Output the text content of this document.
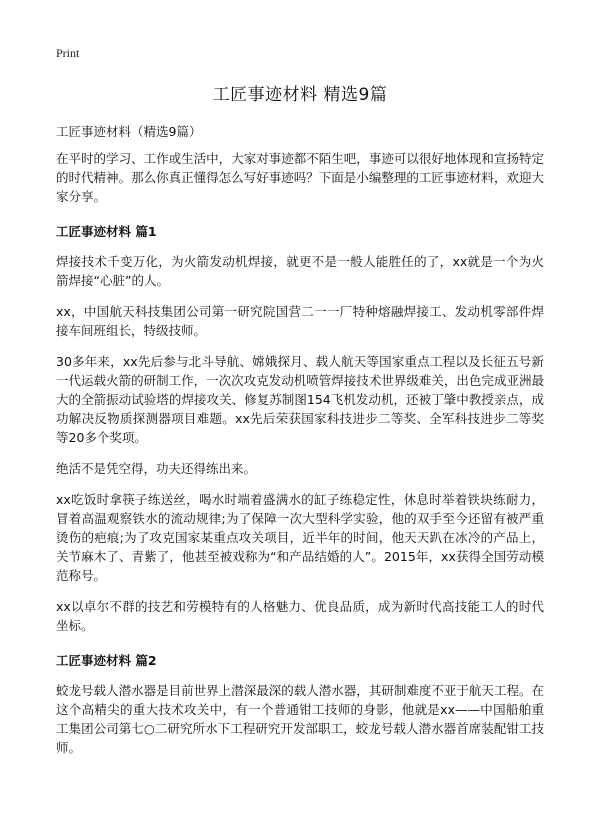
Print
工匠事迹材料 精选9篇
工匠事迹材料（精选9篇）

在平时的学习、工作或生活中，大家对事迹都不陌生吧，事迹可以很好地体现和宣扬特定的时代精神。那么你真正懂得怎么写好事迹吗？下面是小编整理的工匠事迹材料，欢迎大家分享。

工匠事迹材料 篇1

焊接技术千变万化，为火箭发动机焊接，就更不是一般人能胜任的了，xx就是一个为火箭焊接“心脏”的人。

xx，中国航天科技集团公司第一研究院国营二一一厂特种熔融焊接工、发动机零部件焊接车间班组长，特级技师。

30多年来，xx先后参与北斗导航、嫦娥探月、载人航天等国家重点工程以及长征五号新一代运载火箭的研制工作，一次次攻克发动机喷管焊接技术世界级难关，出色完成亚洲最大的全箭振动试验塔的焊接攻关、修复苏制图154飞机发动机，还被丁肇中教授亲点，成功解决反物质探测器项目难题。xx先后荣获国家科技进步二等奖、全军科技进步二等奖等20多个奖项。

绝活不是凭空得，功夫还得练出来。

xx吃饭时拿筷子练送丝，喝水时端着盛满水的缸子练稳定性，休息时举着铁块练耐力，冒着高温观察铁水的流动规律;为了保障一次大型科学实验，他的双手至今还留有被严重烫伤的疤痕;为了攻克国家某重点攻关项目，近半年的时间，他天天趴在冰冷的产品上，关节麻木了、青紫了，他甚至被戏称为“和产品结婚的人”。2015年，xx获得全国劳动模范称号。

xx以卓尔不群的技艺和劳模特有的人格魅力、优良品质，成为新时代高技能工人的时代坐标。

工匠事迹材料 篇2

蛟龙号载人潜水器是目前世界上潜深最深的载人潜水器，其研制难度不亚于航天工程。在这个高精尖的重大技术攻关中，有一个普通钳工技师的身影，他就是xx——中国船舶重工集团公司第七○二研究所水下工程研究开发部职工，蛟龙号载人潜水器首席装配钳工技师。
